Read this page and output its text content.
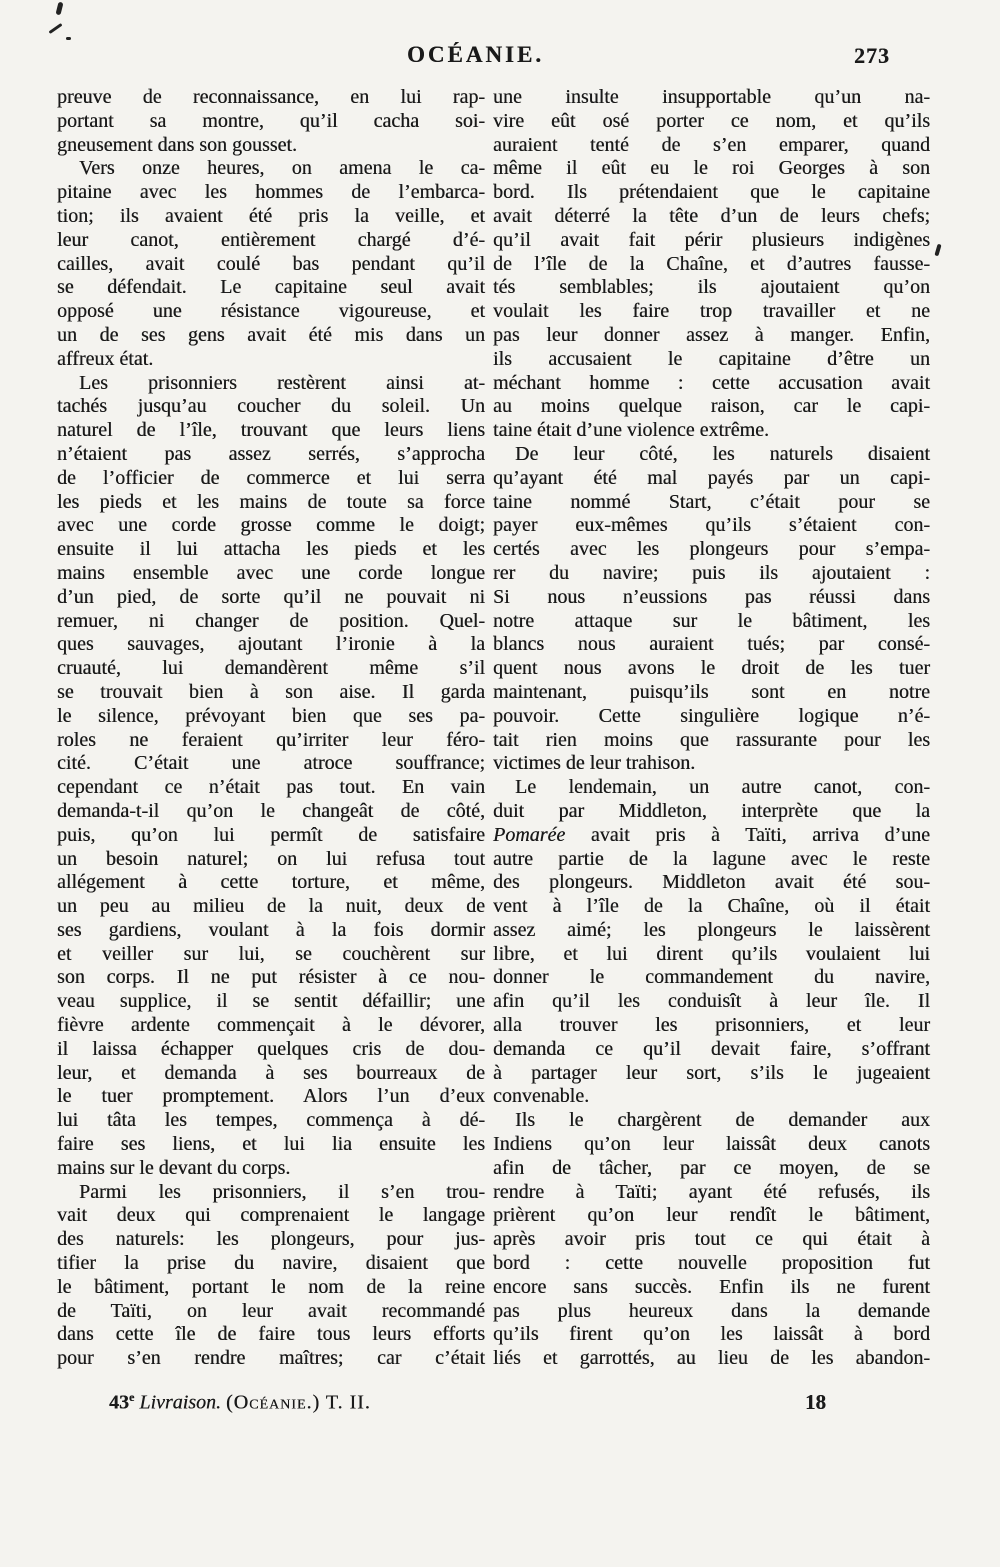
OCÉANIE.	273
preuve de reconnaissance, en lui rap-
portant sa montre, qu’il cacha soi-
gneusement dans son gousset.
Vers onze heures, on amena le ca-
pitaine avec les hommes de l’embarca-
tion; ils avaient été pris la veille, et
leur canot, entièrement chargé d’é-
cailles, avait coulé bas pendant qu’il
se défendait. Le capitaine seul avait
opposé une résistance vigoureuse, et
un de ses gens avait été mis dans un
affreux état.
Les prisonniers restèrent ainsi at-
tachés jusqu’au coucher du soleil. Un
naturel de l’île, trouvant que leurs liens
n’étaient pas assez serrés, s’approcha
de l’officier de commerce et lui serra
les pieds et les mains de toute sa force
avec une corde grosse comme le doigt;
ensuite il lui attacha les pieds et les
mains ensemble avec une corde longue
d’un pied, de sorte qu’il ne pouvait ni
remuer, ni changer de position. Quel-
ques sauvages, ajoutant l’ironie à la
cruauté, lui demandèrent même s’il
se trouvait bien à son aise. Il garda
le silence, prévoyant bien que ses pa-
roles ne feraient qu’irriter leur féro-
cité. C’était une atroce souffrance;
cependant ce n’était pas tout. En vain
demanda-t-il qu’on le changeât de côté,
puis, qu’on lui permît de satisfaire
un besoin naturel; on lui refusa tout
allégement à cette torture, et même,
un peu au milieu de la nuit, deux de
ses gardiens, voulant à la fois dormir
et veiller sur lui, se couchèrent sur
son corps. Il ne put résister à ce nou-
veau supplice, il se sentit défaillir; une
fièvre ardente commençait à le dévorer,
il laissa échapper quelques cris de dou-
leur, et demanda à ses bourreaux de
le tuer promptement. Alors l’un d’eux
lui tâta les tempes, commença à dé-
faire ses liens, et lui lia ensuite les
mains sur le devant du corps.
Parmi les prisonniers, il s’en trou-
vait deux qui comprenaient le langage
des naturels: les plongeurs, pour jus-
tifier la prise du navire, disaient que
le bâtiment, portant le nom de la reine
de Taïti, on leur avait recommandé
dans cette île de faire tous leurs efforts
pour s’en rendre maîtres; car c’était
une insulte insupportable qu’un na-
vire eût osé porter ce nom, et qu’ils
auraient tenté de s’en emparer, quand
même il eût eu le roi Georges à son
bord. Ils prétendaient que le capitaine
avait déterré la tête d’un de leurs chefs;
qu’il avait fait périr plusieurs indigènes
de l’île de la Chaîne, et d’autres fausse-
tés semblables; ils ajoutaient qu’on
voulait les faire trop travailler et ne
pas leur donner assez à manger. Enfin,
ils accusaient le capitaine d’être un
méchant homme : cette accusation avait
au moins quelque raison, car le capi-
taine était d’une violence extrême.
De leur côté, les naturels disaient
qu’ayant été mal payés par un capi-
taine nommé Start, c’était pour se
payer eux-mêmes qu’ils s’étaient con-
certés avec les plongeurs pour s’empa-
rer du navire; puis ils ajoutaient :
Si nous n’eussions pas réussi dans
notre attaque sur le bâtiment, les
blancs nous auraient tués; par consé-
quent nous avons le droit de les tuer
maintenant, puisqu’ils sont en notre
pouvoir. Cette singulière logique n’é-
tait rien moins que rassurante pour les
victimes de leur trahison.
Le lendemain, un autre canot, con-
duit par Middleton, interprète que la
Pomarée avait pris à Taïti, arriva d’une
autre partie de la lagune avec le reste
des plongeurs. Middleton avait été sou-
vent à l’île de la Chaîne, où il était
assez aimé; les plongeurs le laissèrent
libre, et lui dirent qu’ils voulaient lui
donner le commandement du navire,
afin qu’il les conduisît à leur île. Il
alla trouver les prisonniers, et leur
demanda ce qu’il devait faire, s’offrant
à partager leur sort, s’ils le jugeaient
convenable.
Ils le chargèrent de demander aux
Indiens qu’on leur laissât deux canots
afin de tâcher, par ce moyen, de se
rendre à Taïti; ayant été refusés, ils
prièrent qu’on leur rendît le bâtiment,
après avoir pris tout ce qui était à
bord : cette nouvelle proposition fut
encore sans succès. Enfin ils ne furent
pas plus heureux dans la demande
qu’ils firent qu’on les laissât à bord
liés et garrottés, au lieu de les abandon-
43e Livraison. (Océanie.) T. II.	18
